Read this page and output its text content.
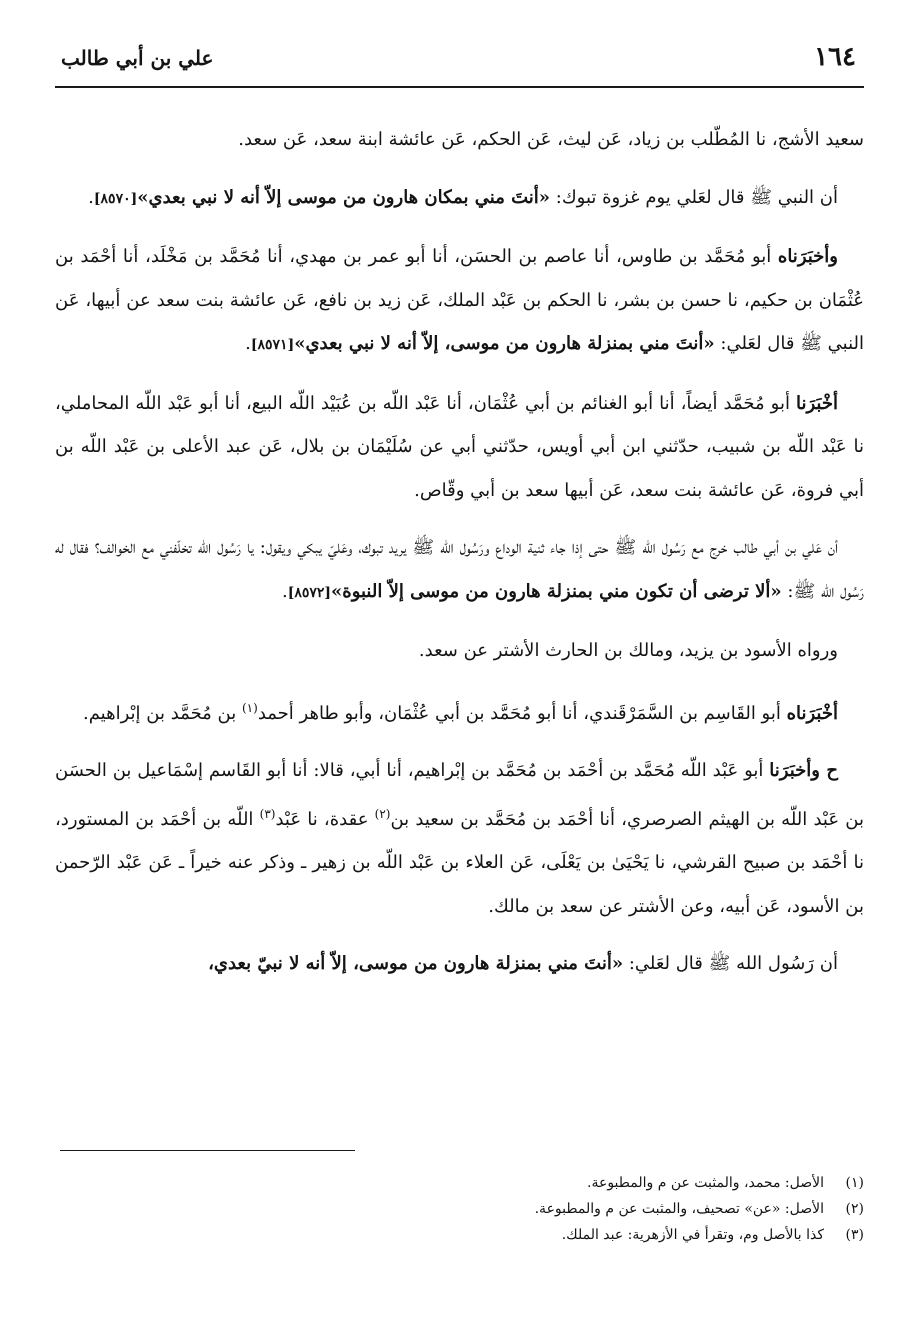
١٦٤
علي بن أبي طالب

سعيد الأشج، نا المُطّلب بن زياد، عَن ليث، عَن الحكم، عَن عائشة ابنة سعد، عَن سعد.

أن النبي ﷺ قال لعَلي يوم غزوة تبوك: «أنتَ مني بمكان هارون من موسى إلاّ أنه لا نبي بعدي»[٨٥٧٠].

وأخبَرَناه أبو مُحَمَّد بن طاوس، أنا عاصم بن الحسَن، أنا أبو عمر بن مهدي، أنا مُحَمَّد بن مَخْلَد، أنا أحْمَد بن عُثْمَان بن حكيم، نا حسن بن بشر، نا الحكم بن عَبْد الملك، عَن زيد بن نافع، عَن عائشة بنت سعد عن أبيها، عَن النبي ﷺ قال لعَلي: «أنتَ مني بمنزلة هارون من موسى، إلاّ أنه لا نبي بعدي»[٨٥٧١].

أخْبَرَنا أبو مُحَمَّد أيضاً، أنا أبو الغنائم بن أبي عُثْمَان، أنا عَبْد اللّه بن عُبَيْد اللّه البيع، أنا أبو عَبْد اللّه المحاملي، نا عَبْد اللّه بن شبيب، حدّثني ابن أبي أويس، حدّثني أبي عن سُلَيْمَان بن بلال، عَن عبد الأعلى بن عَبْد اللّه بن أبي فروة، عَن عائشة بنت سعد، عَن أبيها سعد بن أبي وقّاص.

أن عَلي بن أبي طالب خرج مع رَسُول الله ﷺ حتى إذا جاء ثنية الوداع ورَسُول الله ﷺ يريد تبوك، وعَليّ يبكي ويقول: يا رَسُول الله تخلّفني مع الخوالف؟ فقال له رَسُول الله ﷺ: «ألا ترضى أن تكون مني بمنزلة هارون من موسى إلاّ النبوة»[٨٥٧٢].

ورواه الأسود بن يزيد، ومالك بن الحارث الأشتر عن سعد.

أخْبَرَناه أبو القَاسِم بن السَّمَرْقَندي، أنا أبو مُحَمَّد بن أبي عُثْمَان، وأبو طاهر أحمد$^{(١)}$ بن مُحَمَّد بن إبْراهيم.

ح وأخبَرَنا أبو عَبْد اللّه مُحَمَّد بن أحْمَد بن مُحَمَّد بن إبْراهيم، أنا أبي، قالا: أنا أبو القَاسم إسْمَاعيل بن الحسَن بن عَبْد اللّه بن الهيثم الصرصري، أنا أحْمَد بن مُحَمَّد بن سعيد بن$^{(٢)}$ عقدة، نا عَبْد$^{(٣)}$ اللّه بن أحْمَد بن المستورد، نا أحْمَد بن صبيح القرشي، نا يَحْيَىٰ بن يَعْلَى، عَن العلاء بن عَبْد اللّه بن زهير ـ وذكر عنه خيراً ـ عَن عَبْد الرّحمن بن الأسود، عَن أبيه، وعن الأشتر عن سعد بن مالك.

أن رَسُول الله ﷺ قال لعَلي: «أنتَ مني بمنزلة هارون من موسى، إلاّ أنه لا نبيّ بعدي،

(١)
الأصل: محمد، والمثبت عن م والمطبوعة.
(٢)
الأصل: «عن» تصحيف، والمثبت عن م والمطبوعة.
(٣)
كذا بالأصل وم، وتقرأ في الأزهرية: عبد الملك.
